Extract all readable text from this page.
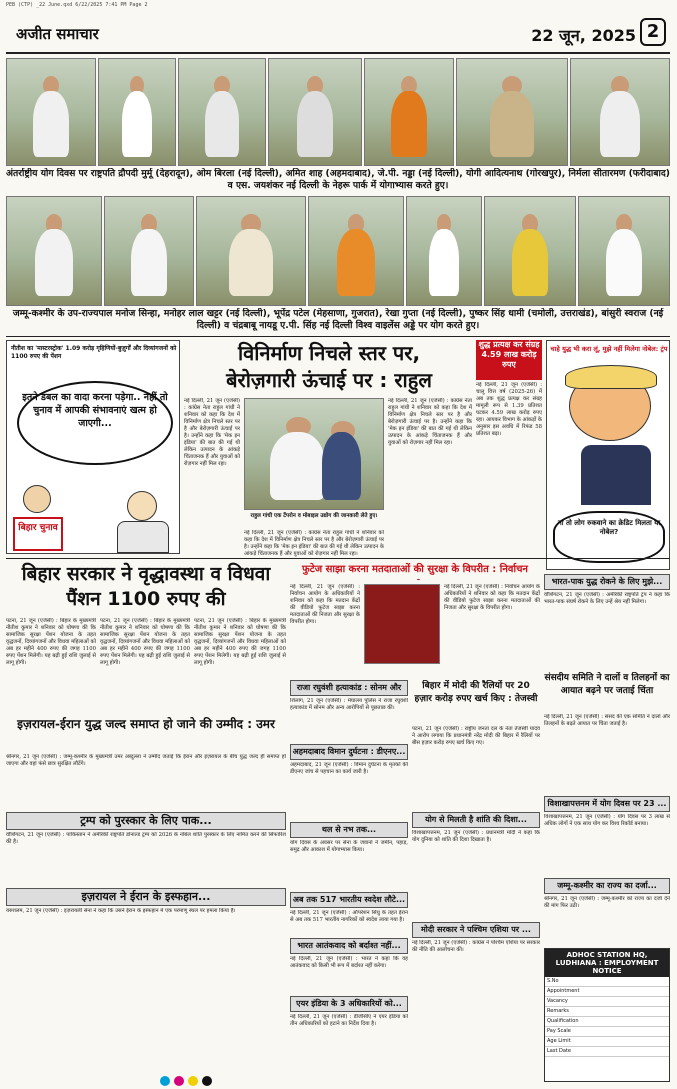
PEB (CTP) _22 June.qxd 6/22/2025 7:41 PM Page 2
अजीत समाचार	22 जून, 2025 2
अंतर्राष्ट्रीय योग दिवस पर राष्ट्रपति द्रौपदी मुर्मू (देहरादून), ओम बिरला (नई दिल्ली), अमित शाह (अहमदाबाद), जे.पी. नड्डा (नई दिल्ली), योगी आदित्यनाथ (गोरखपुर), निर्मला सीतारमण (फरीदाबाद) व एस. जयशंकर नई दिल्ली के नेहरू पार्क में योगाभ्यास करते हुए।
जम्मू-कश्मीर के उप-राज्यपाल मनोज सिन्हा, मनोहर लाल खट्टर (नई दिल्ली), भूपेंद्र पटेल (मेहसाणा, गुजरात), रेखा गुप्ता (नई दिल्ली), पुष्कर सिंह धामी (चमोली, उत्तराखंड), बांसुरी स्वराज (नई दिल्ली) व चंद्रबाबू नायडू ए.पी. सिंह नई दिल्ली विश्व वाइलेंस अड्डे पर योग करते हुए।
नीतीश का 'मास्टरस्ट्रोक' 1.09 करोड़ गृहिणियों-बुज़ुर्गों और दिव्यांगजनों को 1100 रुपए की पेंशन
इतने डबल का वादा करना पड़ेगा.. नहीं तो चुनाव में आपकी संभावनाएं खत्म हो जाएगी...
बिहार चुनाव
विनिर्माण निचले स्तर पर,
बेरोज़गारी ऊंचाई पर : राहुल
नई दिल्ली, 21 जून (एजेंसी) : कांग्रेस नेता राहुल गांधी ने शनिवार को कहा कि देश में विनिर्माण क्षेत्र निचले स्तर पर है और बेरोज़गारी ऊंचाई पर है। उन्होंने कहा कि 'मेक इन इंडिया' की बात की गई थी लेकिन उत्पादन के आंकड़े चिंताजनक हैं और युवाओं को रोज़गार नहीं मिल रहा।
राहुल गांधी एक टेंपरोन व मोबाइल उद्योग की जानकारी लेते हुए।
नई दिल्ली, 21 जून (एजेंसी) : कांग्रेस नेता राहुल गांधी ने शनिवार को कहा कि देश में विनिर्माण क्षेत्र निचले स्तर पर है और बेरोज़गारी ऊंचाई पर है। उन्होंने कहा कि 'मेक इन इंडिया' की बात की गई थी लेकिन उत्पादन के आंकड़े चिंताजनक हैं और युवाओं को रोज़गार नहीं मिल रहा।
नई दिल्ली, 21 जून (एजेंसी) : कांग्रेस नेता राहुल गांधी ने शनिवार को कहा कि देश में विनिर्माण क्षेत्र निचले स्तर पर है और बेरोज़गारी ऊंचाई पर है। उन्होंने कहा कि 'मेक इन इंडिया' की बात की गई थी लेकिन उत्पादन के आंकड़े चिंताजनक हैं और युवाओं को रोज़गार नहीं मिल रहा।
शुद्ध प्रत्यक्ष कर संग्रह 4.59 लाख करोड़ रुपए
नई दिल्ली, 21 जून (एजेंसी) : चालू वित्त वर्ष (2025-26) में अब तक शुद्ध प्रत्यक्ष कर संग्रह मामूली रूप से 1.39 प्रतिशत घटकर 4.59 लाख करोड़ रुपए रहा। आयकर विभाग के आंकड़ों के अनुसार इस अवधि में रिफंड 58 प्रतिशत बढ़ा।
चाहे युद्ध भी करा लूं, मुझे नहीं मिलेगा नोबेल: ट्रंप
ना तो लोग रुकवाने का क्रेडिट मिलता या नोबेल?
बिहार सरकार ने वृद्धावस्था व विधवा पैंशन 1100 रुपए की
पटना, 21 जून (एजेंसी) : बिहार के मुख्यमंत्री नीतीश कुमार ने शनिवार को घोषणा की कि सामाजिक सुरक्षा पेंशन योजना के तहत वृद्धजनों, दिव्यांगजनों और विधवा महिलाओं को अब हर महीने 400 रुपए की जगह 1100 रुपए पेंशन मिलेगी। यह बढ़ी हुई राशि जुलाई से लागू होगी।
पटना, 21 जून (एजेंसी) : बिहार के मुख्यमंत्री नीतीश कुमार ने शनिवार को घोषणा की कि सामाजिक सुरक्षा पेंशन योजना के तहत वृद्धजनों, दिव्यांगजनों और विधवा महिलाओं को अब हर महीने 400 रुपए की जगह 1100 रुपए पेंशन मिलेगी। यह बढ़ी हुई राशि जुलाई से लागू होगी।
पटना, 21 जून (एजेंसी) : बिहार के मुख्यमंत्री नीतीश कुमार ने शनिवार को घोषणा की कि सामाजिक सुरक्षा पेंशन योजना के तहत वृद्धजनों, दिव्यांगजनों और विधवा महिलाओं को अब हर महीने 400 रुपए की जगह 1100 रुपए पेंशन मिलेगी। यह बढ़ी हुई राशि जुलाई से लागू होगी।
इज़रायल-ईरान युद्ध जल्द समाप्त हो जाने की उम्मीद : उमर
श्रीनगर, 21 जून (एजेंसी) : जम्मू-कश्मीर के मुख्यमंत्री उमर अब्दुल्ला ने उम्मीद जताई कि ईरान और इज़रायल के बीच युद्ध जल्द ही समाप्त हो जाएगा और वहां फंसे छात्र सुरक्षित लौटेंगे।
ट्रम्प को पुरस्कार के लिए पाक...
वॉशिंगटन, 21 जून (एजेंसी) : पाकिस्तान ने अमेरिकी राष्ट्रपति डोनाल्ड ट्रम्प को 2026 के नोबेल शांति पुरस्कार के लिए नामित करने की सिफारिश की है।
इज़रायल ने ईरान के इस्फहान...
यरुशलम, 21 जून (एजेंसी) : इज़रायली सेना ने कहा कि उसने ईरान के इस्फहान में एक परमाणु स्थल पर हमला किया है।
फुटेज साझा करना मतदाताओं की सुरक्षा के विपरीत : निर्वाचन
नई दिल्ली, 21 जून (एजेंसी) : निर्वाचन आयोग के अधिकारियों ने शनिवार को कहा कि मतदान केंद्रों की वीडियो फुटेज साझा करना मतदाताओं की निजता और सुरक्षा के विपरीत होगा।
नई दिल्ली, 21 जून (एजेंसी) : निर्वाचन आयोग के अधिकारियों ने शनिवार को कहा कि मतदान केंद्रों की वीडियो फुटेज साझा करना मतदाताओं की निजता और सुरक्षा के विपरीत होगा।
राजा रघुवंशी हत्याकांड : सोनम और
शिलांग, 21 जून (एजेंसी) : मेघालय पुलिस ने राजा रघुवंशी हत्याकांड में सोनम और अन्य आरोपियों से पूछताछ की।
अहमदाबाद विमान दुर्घटना : डीएनए...
अहमदाबाद, 21 जून (एजेंसी) : विमान दुर्घटना के मृतकों की डीएनए जांच से पहचान का कार्य जारी है।
थल से नभ तक...
योग दिवस के अवसर पर सेना के जवानों ने जमीन, पहाड़, समुद्र और आकाश में योगाभ्यास किया।
अब तक 517 भारतीय स्वदेश लौटे...
नई दिल्ली, 21 जून (एजेंसी) : ऑपरेशन सिंधु के तहत ईरान से अब तक 517 भारतीय नागरिकों को स्वदेश लाया गया है।
भारत आतंकवाद को बर्दाश्त नहीं...
नई दिल्ली, 21 जून (एजेंसी) : भारत ने कहा कि वह आतंकवाद को किसी भी रूप में बर्दाश्त नहीं करेगा।
एयर इंडिया के 3 अधिकारियों को...
नई दिल्ली, 21 जून (एजेंसी) : डीजीसीए ने एयर इंडिया को तीन अधिकारियों को हटाने का निर्देश दिया है।
बिहार में मोदी की रैलियों पर 20 हज़ार करोड़ रुपए खर्च किए : तेजस्वी
पटना, 21 जून (एजेंसी) : राष्ट्रीय जनता दल के नेता तेजस्वी यादव ने आरोप लगाया कि प्रधानमंत्री नरेंद्र मोदी की बिहार में रैलियों पर बीस हज़ार करोड़ रुपए खर्च किए गए।
योग से मिलती है शांति की दिशा...
विशाखापत्तनम, 21 जून (एजेंसी) : प्रधानमंत्री मोदी ने कहा कि योग दुनिया को शांति की दिशा दिखाता है।
मोदी सरकार ने पश्चिम एशिया पर ...
नई दिल्ली, 21 जून (एजेंसी) : कांग्रेस ने पश्चिम एशिया पर सरकार की नीति की आलोचना की।
भारत-पाक युद्ध रोकने के लिए मुझे...
वॉशिंगटन, 21 जून (एजेंसी) : अमेरिकी राष्ट्रपति ट्रंप ने कहा कि भारत-पाक संघर्ष रोकने के लिए उन्हें श्रेय नहीं मिलेगा।
संसदीय समिति ने दालों व तिलहनों का आयात बढ़ने पर जताई चिंता
नई दिल्ली, 21 जून (एजेंसी) : संसद की एक समिति ने दालों और तिलहनों के बढ़ते आयात पर चिंता जताई है।
विशाखापत्तनम में योग दिवस पर 23 ...
विशाखापत्तनम, 21 जून (एजेंसी) : योग दिवस पर 3 लाख से अधिक लोगों ने एक साथ योग कर विश्व रिकॉर्ड बनाया।
जम्मू-कश्मीर का राज्य का दर्जा...
श्रीनगर, 21 जून (एजेंसी) : जम्मू-कश्मीर को राज्य का दर्जा देने की मांग फिर उठी।
ADHOC STATION HQ, LUDHIANA : EMPLOYMENT NOTICE
S.No
Appointment
Vacancy
Remarks
Qualification
Pay Scale
Age Limit
Last Date
